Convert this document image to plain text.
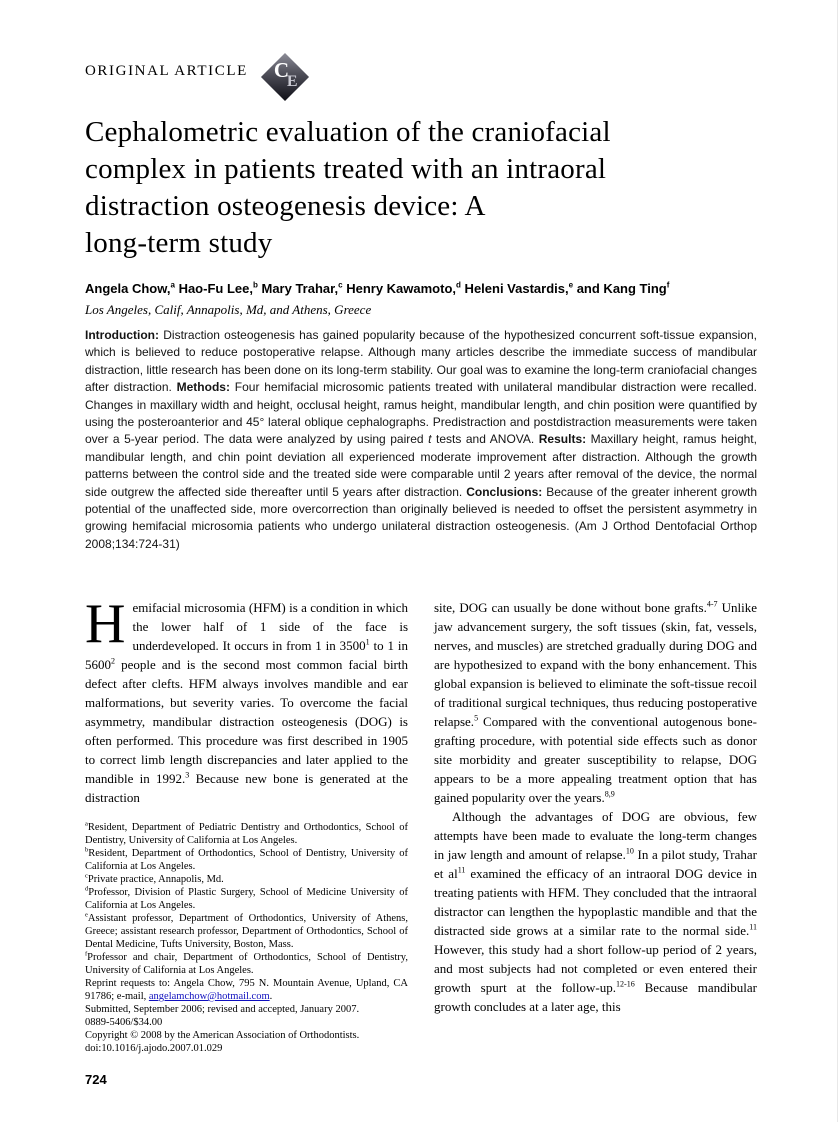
ORIGINAL ARTICLE C
E
Cephalometric evaluation of the craniofacial
complex in patients treated with an intraoral
distraction osteogenesis device: A
long-term study
Angela Chow,$^a$ Hao-Fu Lee,$^b$ Mary Trahar,$^c$ Henry Kawamoto,$^d$ Heleni Vastardis,$^e$ and Kang Ting$^f$
Los Angeles, Calif, Annapolis, Md, and Athens, Greece
Introduction: Distraction osteogenesis has gained popularity because of the hypothesized concurrent soft-tissue expansion, which is believed to reduce postoperative relapse. Although many articles describe the immediate success of mandibular distraction, little research has been done on its long-term stability. Our goal was to examine the long-term craniofacial changes after distraction. Methods: Four hemifacial microsomic patients treated with unilateral mandibular distraction were recalled. Changes in maxillary width and height, occlusal height, ramus height, mandibular length, and chin position were quantified by using the posteroanterior and 45° lateral oblique cephalographs. Predistraction and postdistraction measurements were taken over a 5-year period. The data were analyzed by using paired t tests and ANOVA. Results: Maxillary height, ramus height, mandibular length, and chin point deviation all experienced moderate improvement after distraction. Although the growth patterns between the control side and the treated side were comparable until 2 years after removal of the device, the normal side outgrew the affected side thereafter until 5 years after distraction. Conclusions: Because of the greater inherent growth potential of the unaffected side, more overcorrection than originally believed is needed to offset the persistent asymmetry in growing hemifacial microsomia patients who undergo unilateral distraction osteogenesis. (Am J Orthod Dentofacial Orthop 2008;134:724-31)

Hemifacial microsomia (HFM) is a condition in which the lower half of 1 side of the face is underdeveloped. It occurs in from 1 in 3500$^1$ to 1 in 5600$^2$ people and is the second most common facial birth defect after clefts. HFM always involves mandible and ear malformations, but severity varies. To overcome the facial asymmetry, mandibular distraction osteogenesis (DOG) is often performed. This procedure was first described in 1905 to correct limb length discrepancies and later applied to the mandible in 1992.$^3$ Because new bone is generated at the distraction

$^a$Resident, Department of Pediatric Dentistry and Orthodontics, School of Dentistry, University of California at Los Angeles.
$^b$Resident, Department of Orthodontics, School of Dentistry, University of California at Los Angeles.
$^c$Private practice, Annapolis, Md.
$^d$Professor, Division of Plastic Surgery, School of Medicine University of California at Los Angeles.
$^e$Assistant professor, Department of Orthodontics, University of Athens, Greece; assistant research professor, Department of Orthodontics, School of Dental Medicine, Tufts University, Boston, Mass.
$^f$Professor and chair, Department of Orthodontics, School of Dentistry, University of California at Los Angeles.
Reprint requests to: Angela Chow, 795 N. Mountain Avenue, Upland, CA 91786; e-mail, angelamchow@hotmail.com.
Submitted, September 2006; revised and accepted, January 2007.
0889-5406/$34.00
Copyright © 2008 by the American Association of Orthodontists.
doi:10.1016/j.ajodo.2007.01.029

site, DOG can usually be done without bone grafts.$^{4-7}$ Unlike jaw advancement surgery, the soft tissues (skin, fat, vessels, nerves, and muscles) are stretched gradually during DOG and are hypothesized to expand with the bony enhancement. This global expansion is believed to eliminate the soft-tissue recoil of traditional surgical techniques, thus reducing postoperative relapse.$^5$ Compared with the conventional autogenous bone-grafting procedure, with potential side effects such as donor site morbidity and greater susceptibility to relapse, DOG appears to be a more appealing treatment option that has gained popularity over the years.$^{8,9}$

Although the advantages of DOG are obvious, few attempts have been made to evaluate the long-term changes in jaw length and amount of relapse.$^{10}$ In a pilot study, Trahar et $al^{11}$ examined the efficacy of an intraoral DOG device in treating patients with HFM. They concluded that the intraoral distractor can lengthen the hypoplastic mandible and that the distracted side grows at a similar rate to the normal side.$^{11}$ However, this study had a short follow-up period of 2 years, and most subjects had not completed or even entered their growth spurt at the follow-up.$^{12-16}$ Because mandibular growth concludes at a later age, this

724
